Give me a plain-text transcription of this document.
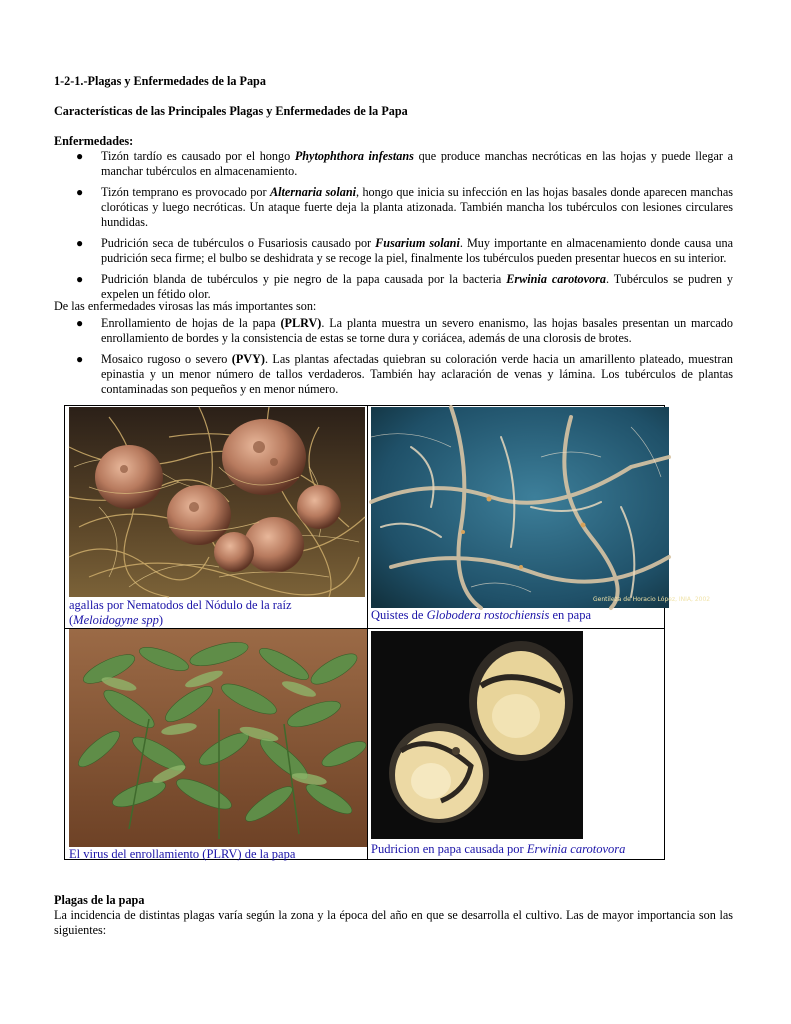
1-2-1.-Plagas y Enfermedades de la Papa
Características de las Principales Plagas y Enfermedades de la Papa
Enfermedades:
● Tizón tardío es causado por el hongo Phytophthora infestans que produce manchas necróticas en las hojas y puede llegar a manchar tubérculos en almacenamiento.
● Tizón temprano es provocado por Alternaria solani, hongo que inicia su infección en las hojas basales donde aparecen manchas cloróticas y luego necróticas. Un ataque fuerte deja la planta atizonada. También mancha los tubérculos con lesiones circulares hundidas.
● Pudrición seca de tubérculos o Fusariosis causado por Fusarium solani. Muy importante en almacenamiento donde causa una pudrición seca firme; el bulbo se deshidrata y se recoge la piel, finalmente los tubérculos pueden presentar huecos en su interior.
● Pudrición blanda de tubérculos y pie negro de la papa causada por la bacteria Erwinia carotovora. Tubérculos se pudren y expelen un fétido olor.
De las enfermedades virosas las más importantes son:
● Enrollamiento de hojas de la papa (PLRV). La planta muestra un severo enanismo, las hojas basales presentan un marcado enrollamiento de bordes y la consistencia de estas se torne dura y coriácea, además de una clorosis de brotes.
● Mosaico rugoso o severo (PVY). Las plantas afectadas quiebran su coloración verde hacia un amarillento plateado, muestran epinastia y un menor número de tallos verdaderos. También hay aclaración de venas y lámina. Los tubérculos de plantas contaminadas son pequeños y en menor número.
Gentileza de Horacio López, INIA, 2002
agallas por Nematodos del Nódulo de la raíz (Meloidogyne spp)	Quistes de Globodera rostochiensis en papa
El virus del enrollamiento (PLRV) de la papa	Pudricion en papa causada por Erwinia carotovora
Plagas de la papa
La incidencia de distintas plagas varía según la zona y la época del año en que se desarrolla el cultivo. Las de mayor importancia son las siguientes:
